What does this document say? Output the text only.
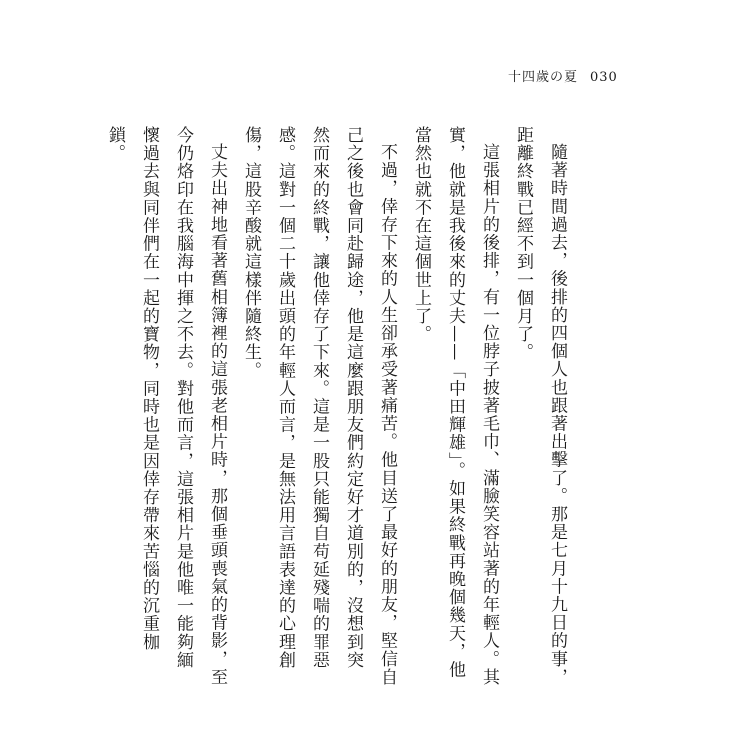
十四歲の夏 030

隨著時間過去，後排的四個人也跟著出擊了。那是七月十九日的事，距離終戰已經不到一個月了。

這張相片的後排，有一位脖子披著毛巾、滿臉笑容站著的年輕人。其實，他就是我後來的丈夫——「中田輝雄」。如果終戰再晚個幾天，他當然也就不在這個世上了。

不過，倖存下來的人生卻承受著痛苦。他目送了最好的朋友，堅信自己之後也會同赴歸途，他是這麼跟朋友們約定好才道別的，沒想到突然而來的終戰，讓他倖存了下來。這是一股只能獨自苟延殘喘的罪惡感。這對一個二十歲出頭的年輕人而言，是無法用言語表達的心理創傷，這股辛酸就這樣伴隨終生。

丈夫出神地看著舊相簿裡的這張老相片時，那個垂頭喪氣的背影，至今仍烙印在我腦海中揮之不去。對他而言，這張相片是他唯一能夠緬懷過去與同伴們在一起的寶物，同時也是因倖存帶來苦惱的沉重枷鎖。
